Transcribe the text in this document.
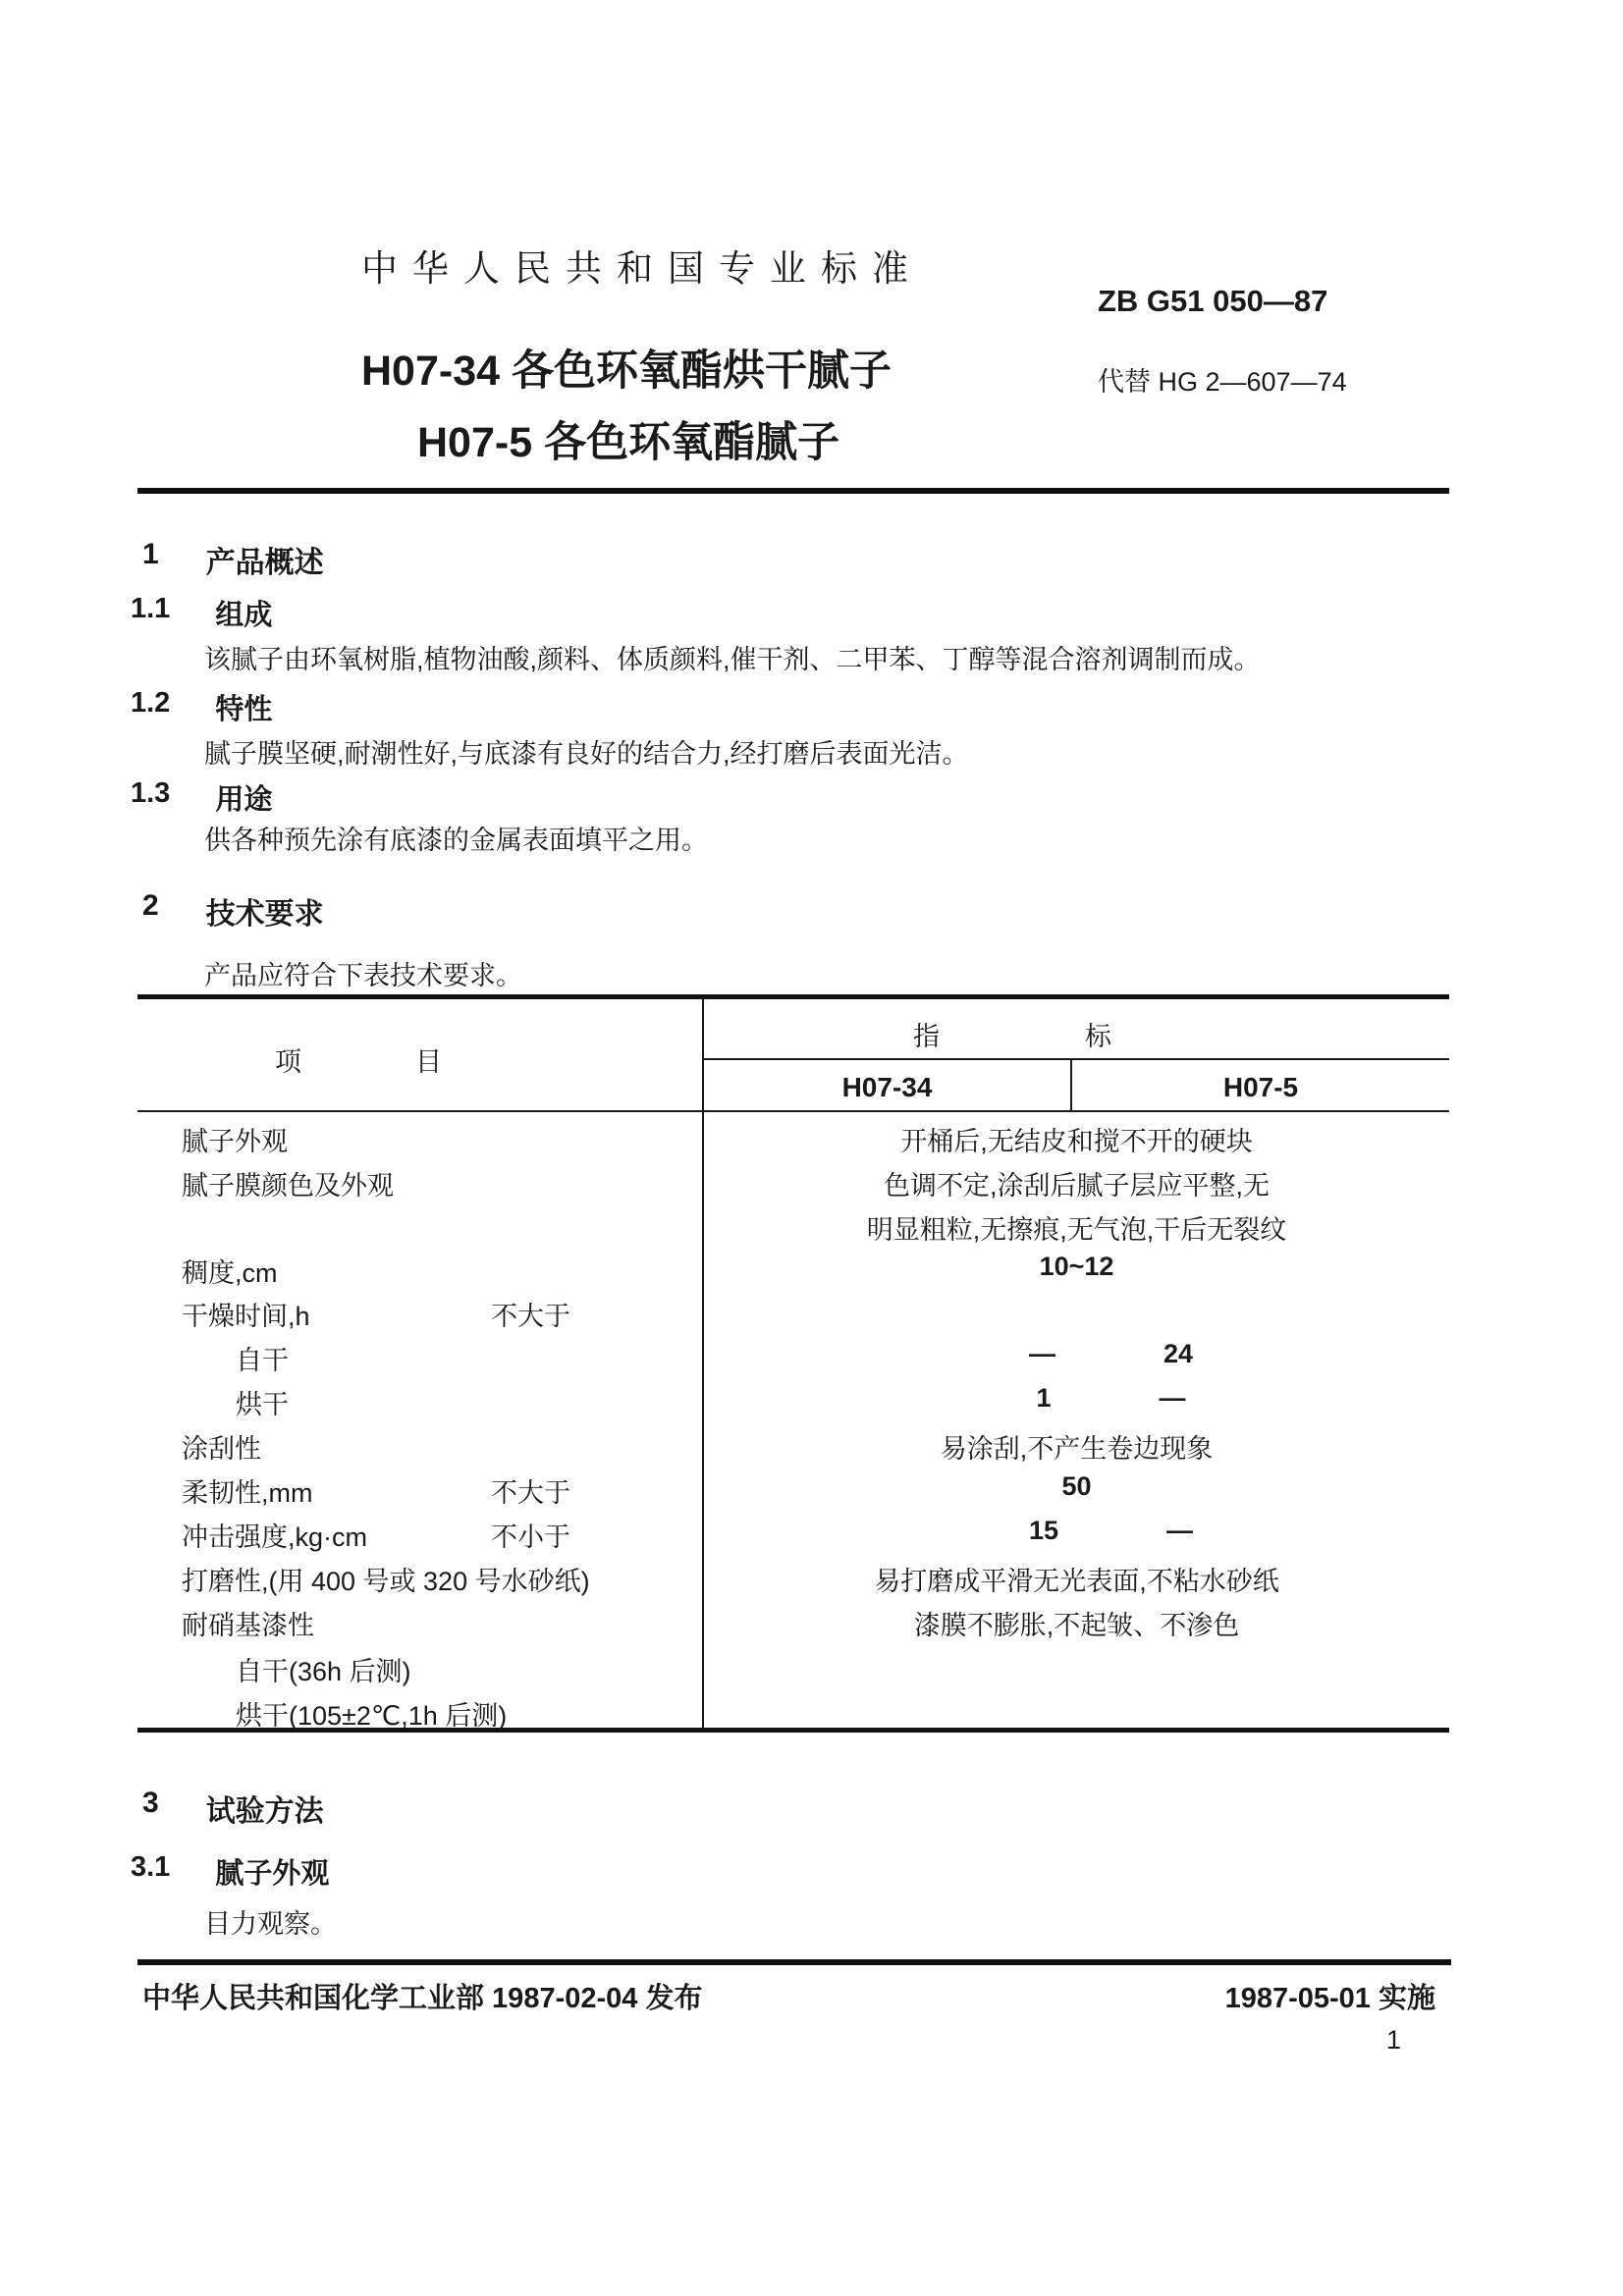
中华人民共和国专业标准
ZB G51 050—87
代替 HG 2—607—74
H07-34 各色环氧酯烘干腻子
H07-5 各色环氧酯腻子
1 产品概述
1.1 组成
该腻子由环氧树脂,植物油酸,颜料、体质颜料,催干剂、二甲苯、丁醇等混合溶剂调制而成。
1.2 特性
腻子膜坚硬,耐潮性好,与底漆有良好的结合力,经打磨后表面光洁。
1.3 用途
供各种预先涂有底漆的金属表面填平之用。
2 技术要求
产品应符合下表技术要求。
项目
指标
H07-34	H07-5
腻子外观	开桶后,无结皮和搅不开的硬块
腻子膜颜色及外观	色调不定,涂刮后腻子层应平整,无
明显粗粒,无擦痕,无气泡,干后无裂纹
稠度,cm	10~12
干燥时间,h	不大于
自干	—	24
烘干	1	—
涂刮性	易涂刮,不产生卷边现象
柔韧性,mm	不大于	50
冲击强度,kg·cm	不小于	15	—
打磨性,(用 400 号或 320 号水砂纸)	易打磨成平滑无光表面,不粘水砂纸
耐硝基漆性	漆膜不膨胀,不起皱、不渗色
自干(36h 后测)
烘干(105±2℃,1h 后测)
3 试验方法
3.1 腻子外观
目力观察。
中华人民共和国化学工业部 1987-02-04 发布	1987-05-01 实施
1
